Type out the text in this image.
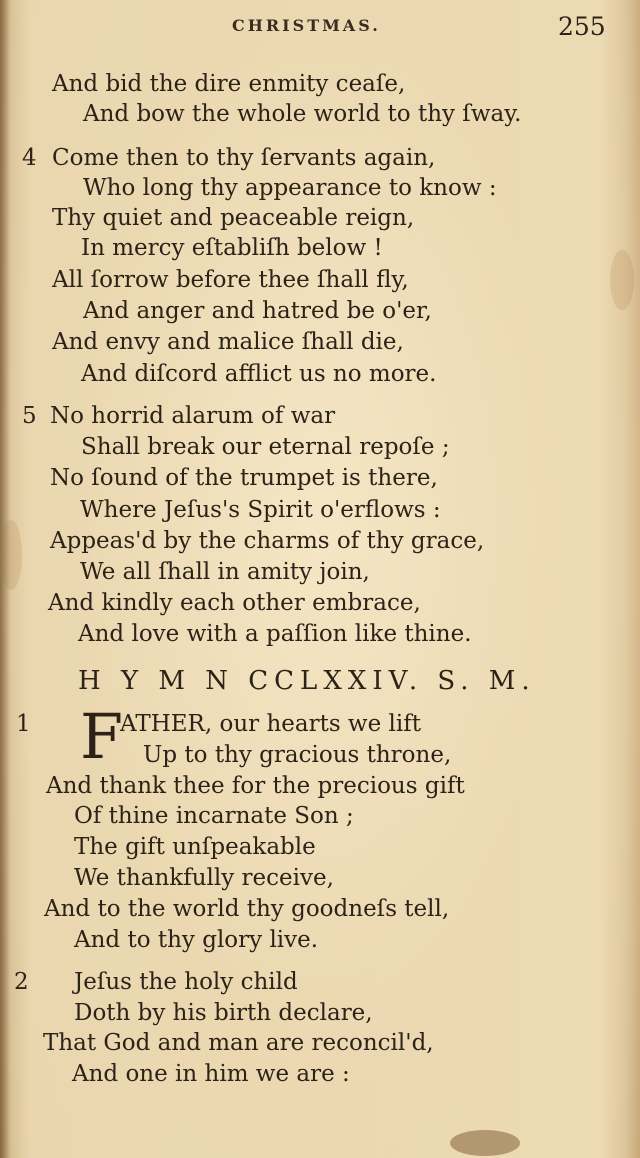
CHRISTMAS.	255
And bid the dire enmity ceaſe,
And bow the whole world to thy ſway.
4 Come then to thy ſervants again,
Who long thy appearance to know :
Thy quiet and peaceable reign,
In mercy eſtabliſh below !
All ſorrow before thee ſhall fly,
And anger and hatred be o'er,
And envy and malice ſhall die,
And diſcord afflict us no more.
5 No horrid alarum of war
Shall break our eternal repoſe ;
No ſound of the trumpet is there,
Where Jeſus's Spirit o'erflows :
Appeas'd by the charms of thy grace,
We all ſhall in amity join,
And kindly each other embrace,
And love with a paſſion like thine.
H Y M N CCLXXIV. S. M.
1 F
ATHER, our hearts we lift
Up to thy gracious throne,
And thank thee for the precious gift
Of thine incarnate Son ;
The gift unſpeakable
We thankfully receive,
And to the world thy goodneſs tell,
And to thy glory live.
2 Jeſus the holy child
Doth by his birth declare,
That God and man are reconcil'd,
And one in him we are :
